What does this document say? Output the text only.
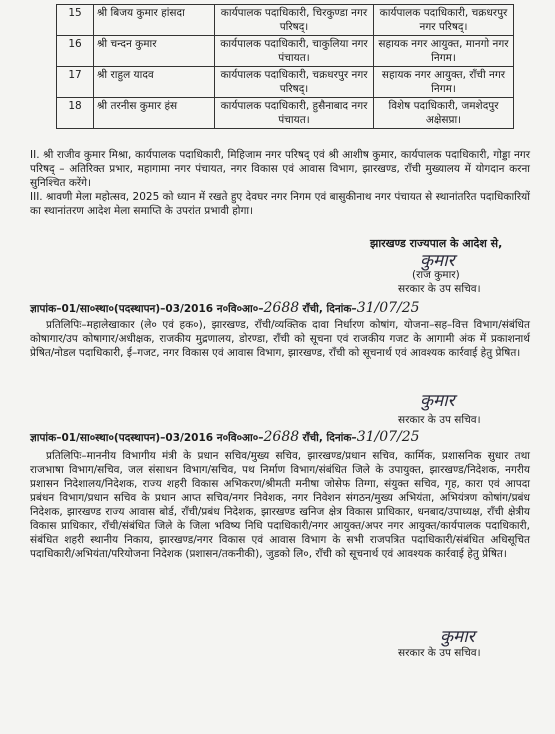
15	श्री बिजय कुमार हांसदा	कार्यपालक पदाधिकारी, चिरकुण्डा नगर परिषद्।	कार्यपालक पदाधिकारी, चक्रधरपुर नगर परिषद्।
16	श्री चन्दन कुमार	कार्यपालक पदाधिकारी, चाकुलिया नगर पंचायत।	सहायक नगर आयुक्त, मानगो नगर निगम।
17	श्री राहुल यादव	कार्यपालक पदाधिकारी, चक्रधरपुर नगर परिषद्।	सहायक नगर आयुक्त, राँची नगर निगम।
18	श्री तरनीस कुमार हंस	कार्यपालक पदाधिकारी, हुसैनाबाद नगर पंचायत।	विशेष पदाधिकारी, जमशेदपुर अक्षेसप्रा।
II. श्री राजीव कुमार मिश्रा, कार्यपालक पदाधिकारी, मिहिजाम नगर परिषद् एवं श्री आशीष कुमार, कार्यपालक पदाधिकारी, गोड्डा नगर परिषद् – अतिरिक्त प्रभार, महागामा नगर पंचायत, नगर विकास एवं आवास विभाग, झारखण्ड, राँची मुख्यालय में योगदान करना सुनिश्चित करेंगे।
III. श्रावणी मेला महोत्सव, 2025 को ध्यान में रखते हुए देवघर नगर निगम एवं बासुकीनाथ नगर पंचायत से स्थानांतरित पदाधिकारियों का स्थानांतरण आदेश मेला समाप्ति के उपरांत प्रभावी होगा।
झारखण्ड राज्यपाल के आदेश से,
कुमार
(राज कुमार)
सरकार के उप सचिव।
ज्ञापांक–01/सा०स्था०(पदस्थापन)–03/2016 न०वि०आ०–2688 राँची, दिनांक–31/07/25
प्रतिलिपिः–महालेखाकार (ले० एवं हक०), झारखण्ड, राँची/व्यक्तिक दावा निर्धारण कोषांग, योजना–सह–वित्त विभाग/संबंधित कोषागार/उप कोषागार/अधीक्षक, राजकीय मुद्रणालय, डोरण्डा, राँची को सूचना एवं राजकीय गजट के आगामी अंक में प्रकाशनार्थ प्रेषित/नोडल पदाधिकारी, ई–गजट, नगर विकास एवं आवास विभाग, झारखण्ड, राँची को सूचनार्थ एवं आवश्यक कार्रवाई हेतु प्रेषित।
कुमार
सरकार के उप सचिव।
ज्ञापांक–01/सा०स्था०(पदस्थापन)–03/2016 न०वि०आ०–2688 राँची, दिनांक–31/07/25
प्रतिलिपिः–माननीय विभागीय मंत्री के प्रधान सचिव/मुख्य सचिव, झारखण्ड/प्रधान सचिव, कार्मिक, प्रशासनिक सुधार तथा राजभाषा विभाग/सचिव, जल संसाधन विभाग/सचिव, पथ निर्माण विभाग/संबंधित जिले के उपायुक्त, झारखण्ड/निदेशक, नगरीय प्रशासन निदेशालय/निदेशक, राज्य शहरी विकास अभिकरण/श्रीमती मनीषा जोसेफ तिग्गा, संयुक्त सचिव, गृह, कारा एवं आपदा प्रबंधन विभाग/प्रधान सचिव के प्रधान आप्त सचिव/नगर निवेशक, नगर निवेशन संगठन/मुख्य अभियंता, अभियंत्रण कोषांग/प्रबंध निदेशक, झारखण्ड राज्य आवास बोर्ड, राँची/प्रबंध निदेशक, झारखण्ड खनिज क्षेत्र विकास प्राधिकार, धनबाद/उपाध्यक्ष, राँची क्षेत्रीय विकास प्राधिकार, राँची/संबंधित जिले के जिला भविष्य निधि पदाधिकारी/नगर आयुक्त/अपर नगर आयुक्त/कार्यपालक पदाधिकारी, संबंधित शहरी स्थानीय निकाय, झारखण्ड/नगर विकास एवं आवास विभाग के सभी राजपत्रित पदाधिकारी/संबंधित अधिसूचित पदाधिकारी/अभियंता/परियोजना निदेशक (प्रशासन/तकनीकी), जुडको लि०, राँची को सूचनार्थ एवं आवश्यक कार्रवाई हेतु प्रेषित।
कुमार
सरकार के उप सचिव।
